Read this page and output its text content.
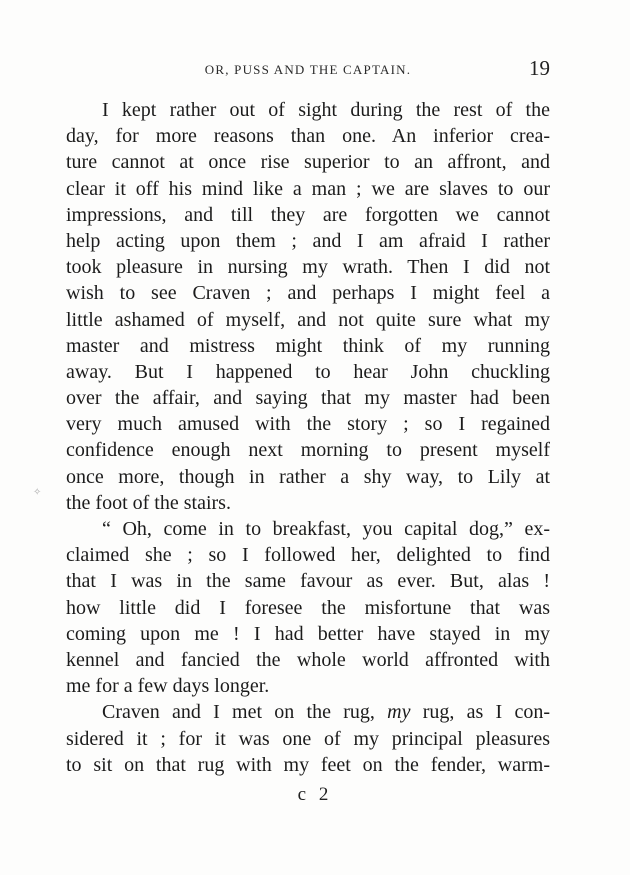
OR, PUSS AND THE CAPTAIN.	19
I kept rather out of sight during the rest of the
day, for more reasons than one. An inferior crea-
ture cannot at once rise superior to an affront, and
clear it off his mind like a man ; we are slaves to our
impressions, and till they are forgotten we cannot
help acting upon them ; and I am afraid I rather
took pleasure in nursing my wrath. Then I did not
wish to see Craven ; and perhaps I might feel a
little ashamed of myself, and not quite sure what my
master and mistress might think of my running
away. But I happened to hear John chuckling
over the affair, and saying that my master had been
very much amused with the story ; so I regained
confidence enough next morning to present myself
once more, though in rather a shy way, to Lily at
the foot of the stairs.
“ Oh, come in to breakfast, you capital dog,” ex-
claimed she ; so I followed her, delighted to find
that I was in the same favour as ever. But, alas !
how little did I foresee the misfortune that was
coming upon me ! I had better have stayed in my
kennel and fancied the whole world affronted with
me for a few days longer.
Craven and I met on the rug, my rug, as I con-
sidered it ; for it was one of my principal pleasures
to sit on that rug with my feet on the fender, warm-
c 2
✧
